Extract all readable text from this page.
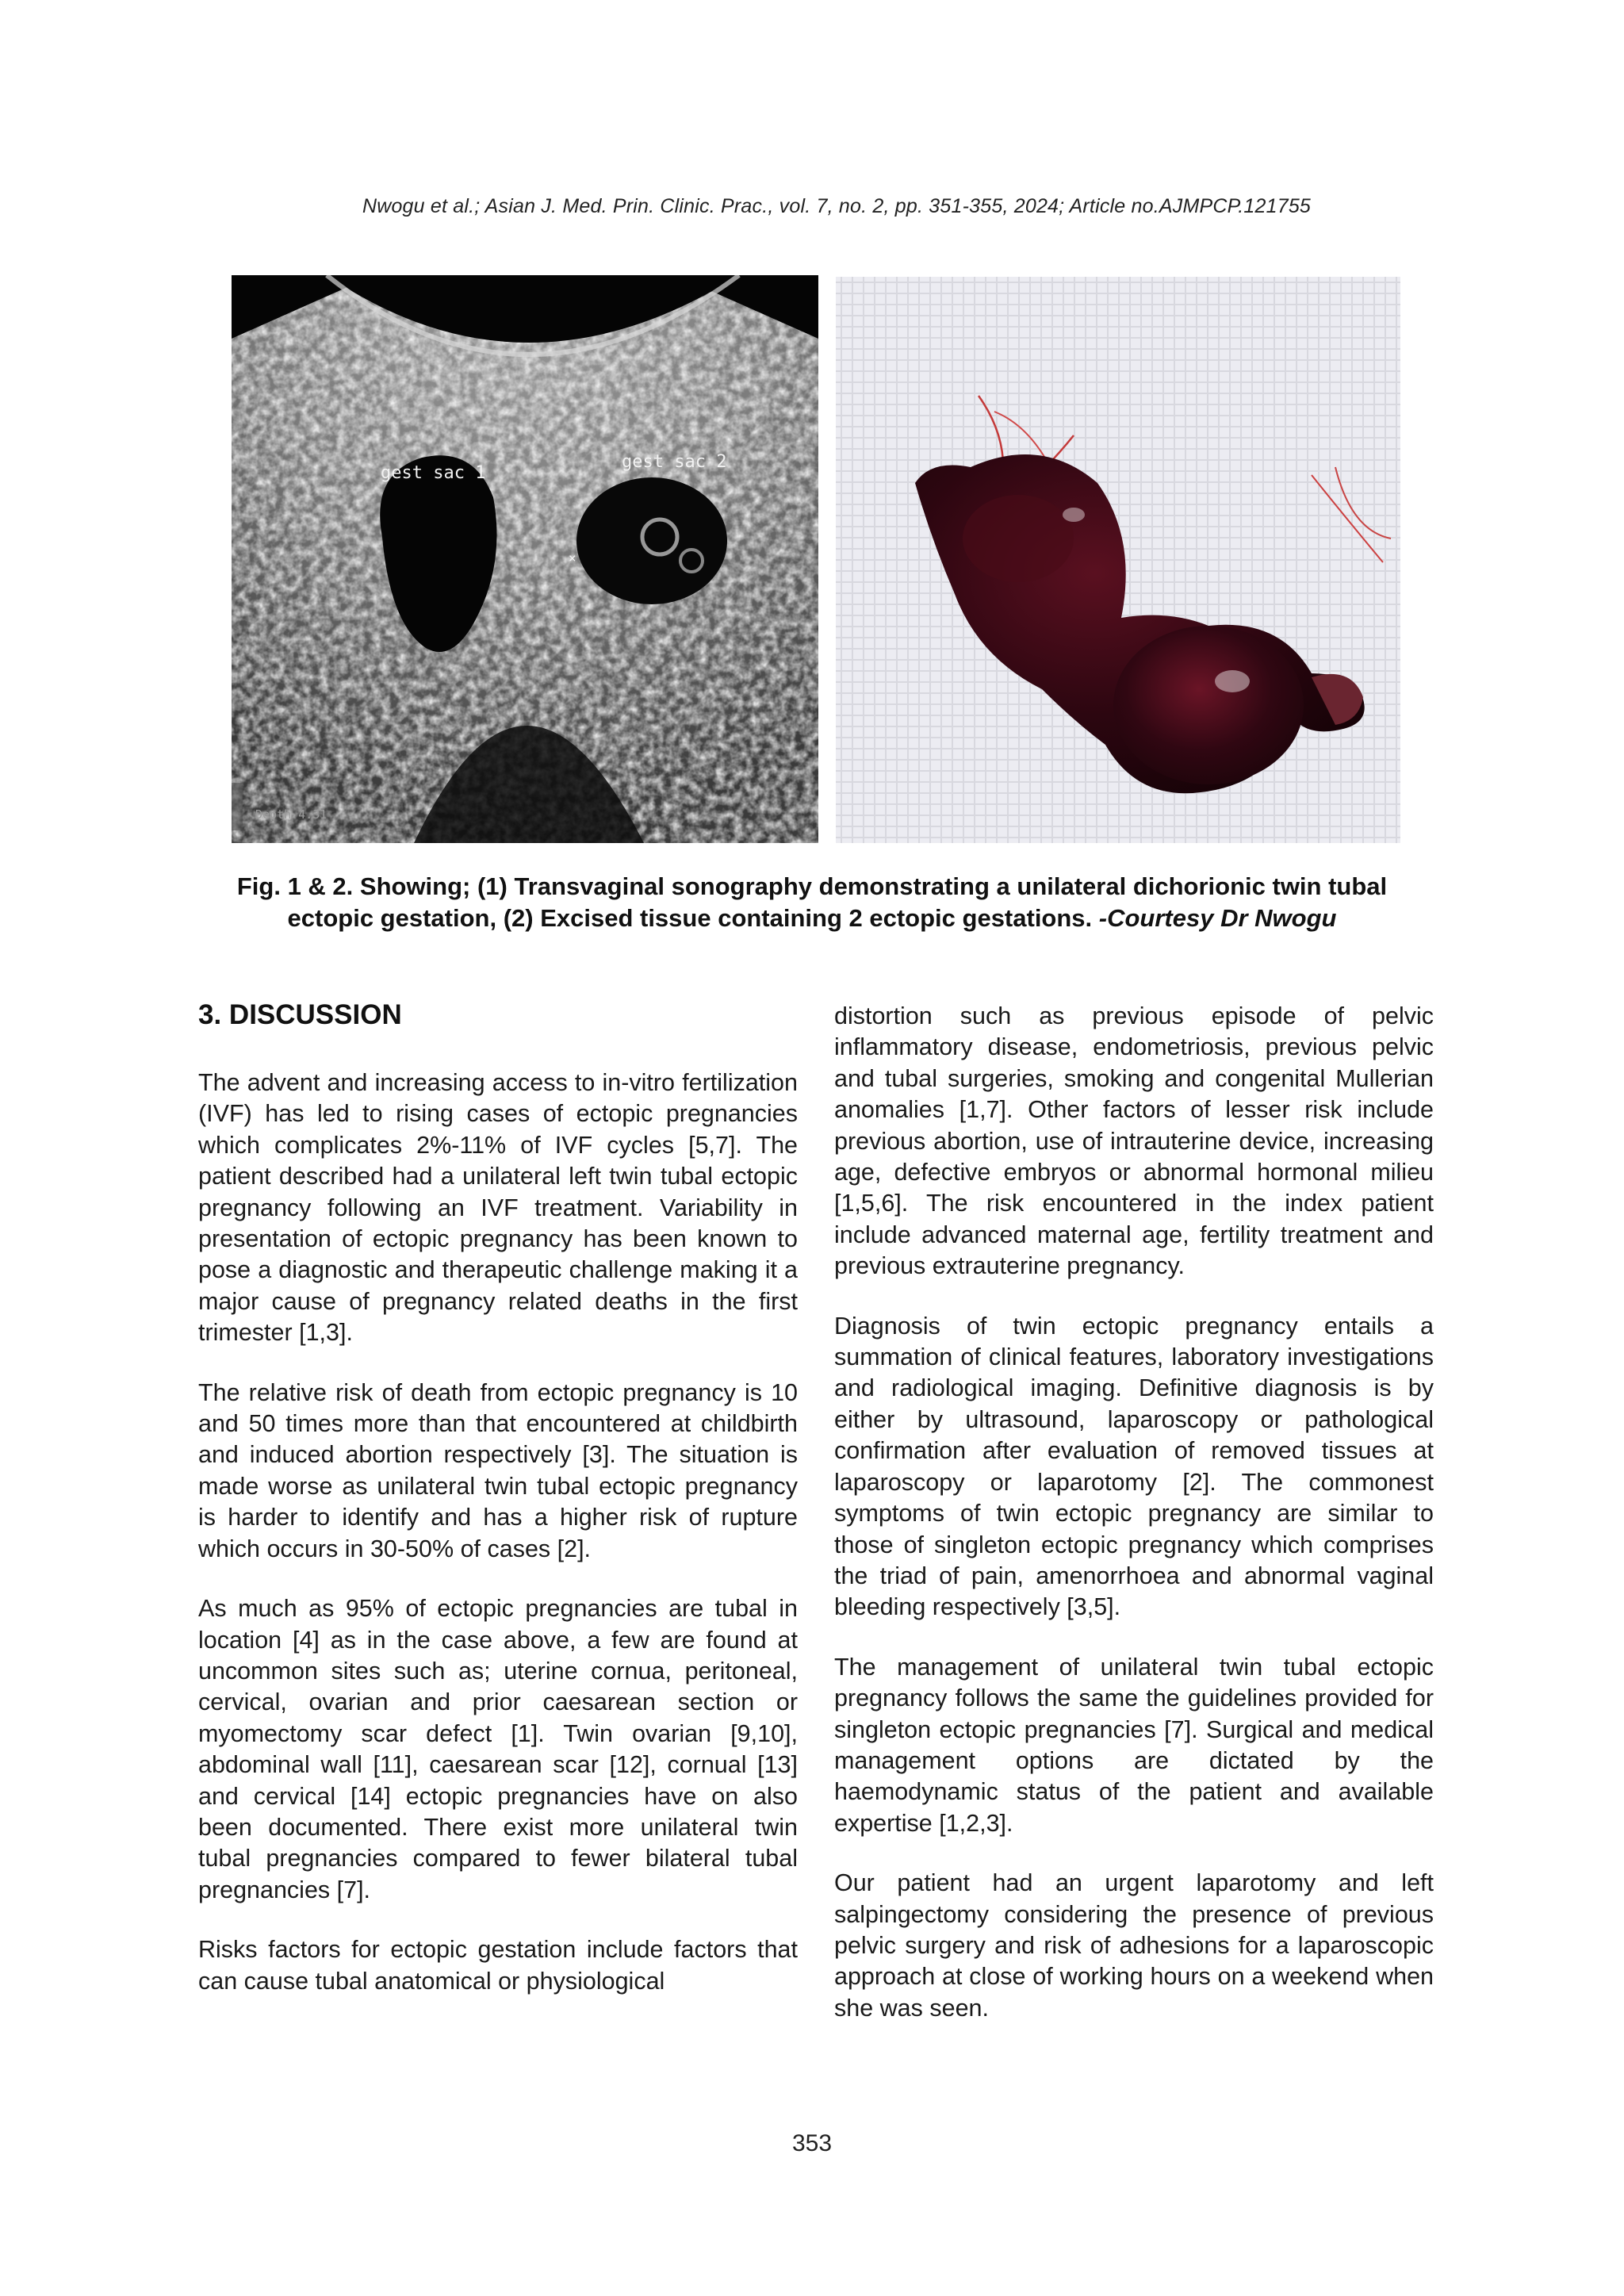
Nwogu et al.; Asian J. Med. Prin. Clinic. Prac., vol. 7, no. 2, pp. 351-355, 2024; Article no.AJMPCP.121755
gest sac 1
gest sac 2
×
Depth 4.31
Fig. 1 & 2. Showing; (1) Transvaginal sonography demonstrating a unilateral dichorionic twin tubal ectopic gestation, (2) Excised tissue containing 2 ectopic gestations. -Courtesy Dr Nwogu
3. DISCUSSION

The advent and increasing access to in-vitro fertilization (IVF) has led to rising cases of ectopic pregnancies which complicates 2%-11% of IVF cycles [5,7]. The patient described had a unilateral left twin tubal ectopic pregnancy following an IVF treatment. Variability in presentation of ectopic pregnancy has been known to pose a diagnostic and therapeutic challenge making it a major cause of pregnancy related deaths in the first trimester [1,3].

The relative risk of death from ectopic pregnancy is 10 and 50 times more than that encountered at childbirth and induced abortion respectively [3]. The situation is made worse as unilateral twin tubal ectopic pregnancy is harder to identify and has a higher risk of rupture which occurs in 30-50% of cases [2].

As much as 95% of ectopic pregnancies are tubal in location [4] as in the case above, a few are found at uncommon sites such as; uterine cornua, peritoneal, cervical, ovarian and prior caesarean section or myomectomy scar defect [1]. Twin ovarian [9,10], abdominal wall [11], caesarean scar [12], cornual [13] and cervical [14] ectopic pregnancies have on also been documented. There exist more unilateral twin tubal pregnancies compared to fewer bilateral tubal pregnancies [7].

Risks factors for ectopic gestation include factors that can cause tubal anatomical or physiological

distortion such as previous episode of pelvic inflammatory disease, endometriosis, previous pelvic and tubal surgeries, smoking and congenital Mullerian anomalies [1,7]. Other factors of lesser risk include previous abortion, use of intrauterine device, increasing age, defective embryos or abnormal hormonal milieu [1,5,6]. The risk encountered in the index patient include advanced maternal age, fertility treatment and previous extrauterine pregnancy.

Diagnosis of twin ectopic pregnancy entails a summation of clinical features, laboratory investigations and radiological imaging. Definitive diagnosis is by either by ultrasound, laparoscopy or pathological confirmation after evaluation of removed tissues at laparoscopy or laparotomy [2]. The commonest symptoms of twin ectopic pregnancy are similar to those of singleton ectopic pregnancy which comprises the triad of pain, amenorrhoea and abnormal vaginal bleeding respectively [3,5].

The management of unilateral twin tubal ectopic pregnancy follows the same the guidelines provided for singleton ectopic pregnancies [7]. Surgical and medical management options are dictated by the haemodynamic status of the patient and available expertise [1,2,3].

Our patient had an urgent laparotomy and left salpingectomy considering the presence of previous pelvic surgery and risk of adhesions for a laparoscopic approach at close of working hours on a weekend when she was seen.

353
